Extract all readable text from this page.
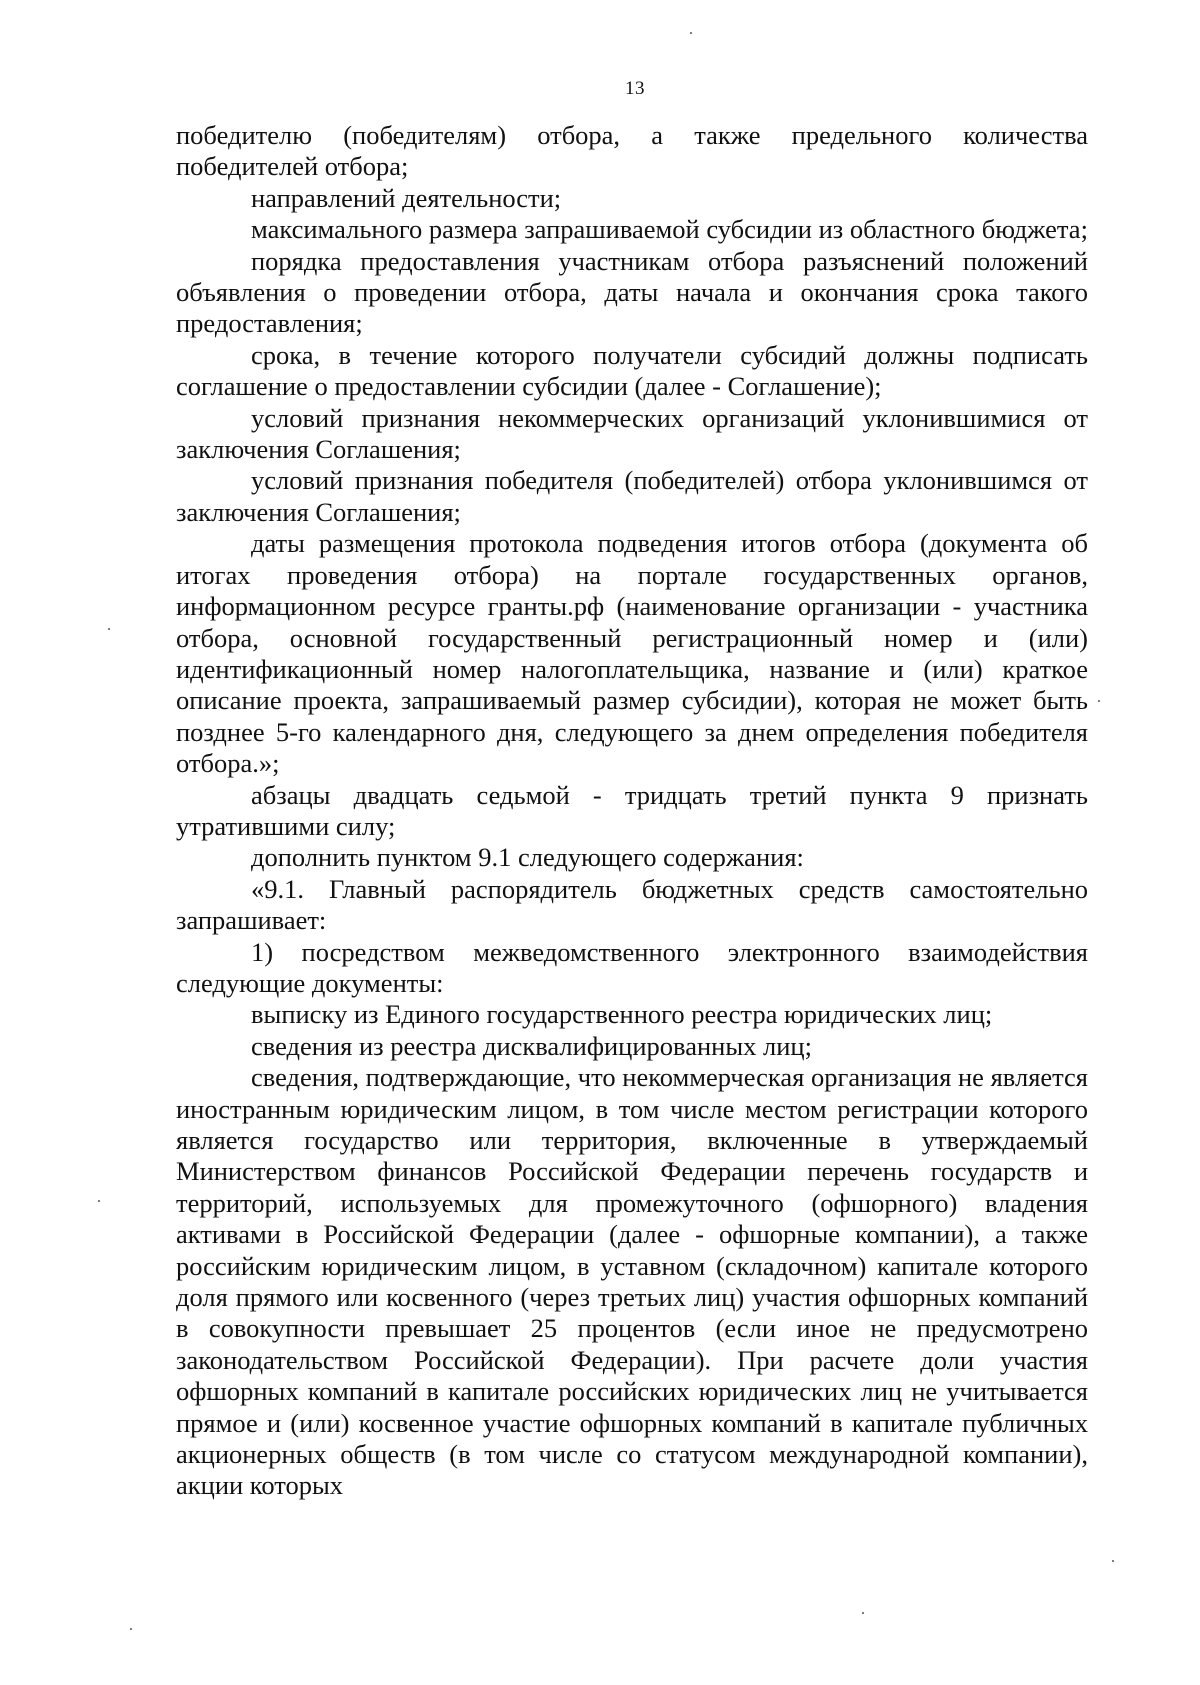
13

победителю (победителям) отбора, а также предельного количества победителей отбора;

направлений деятельности;

максимального размера запрашиваемой субсидии из областного бюджета;

порядка предоставления участникам отбора разъяснений положений объявления о проведении отбора, даты начала и окончания срока такого предоставления;

срока, в течение которого получатели субсидий должны подписать соглашение о предоставлении субсидии (далее - Соглашение);

условий признания некоммерческих организаций уклонившимися от заключения Соглашения;

условий признания победителя (победителей) отбора уклонившимся от заключения Соглашения;

даты размещения протокола подведения итогов отбора (документа об итогах проведения отбора) на портале государственных органов, информационном ресурсе гранты.рф (наименование организации - участника отбора, основной государственный регистрационный номер и (или) идентификационный номер налогоплательщика, название и (или) краткое описание проекта, запрашиваемый размер субсидии), которая не может быть позднее 5-го календарного дня, следующего за днем определения победителя отбора.»;

абзацы двадцать седьмой - тридцать третий пункта 9 признать утратившими силу;

дополнить пунктом 9.1 следующего содержания:

«9.1. Главный распорядитель бюджетных средств самостоятельно запрашивает:

1) посредством межведомственного электронного взаимодействия следующие документы:

выписку из Единого государственного реестра юридических лиц;

сведения из реестра дисквалифицированных лиц;

сведения, подтверждающие, что некоммерческая организация не является иностранным юридическим лицом, в том числе местом регистрации которого является государство или территория, включенные в утверждаемый Министерством финансов Российской Федерации перечень государств и территорий, используемых для промежуточного (офшорного) владения активами в Российской Федерации (далее - офшорные компании), а также российским юридическим лицом, в уставном (складочном) капитале которого доля прямого или косвенного (через третьих лиц) участия офшорных компаний в совокупности превышает 25 процентов (если иное не предусмотрено законодательством Российской Федерации). При расчете доли участия офшорных компаний в капитале российских юридических лиц не учитывается прямое и (или) косвенное участие офшорных компаний в капитале публичных акционерных обществ (в том числе со статусом международной компании), акции которых
